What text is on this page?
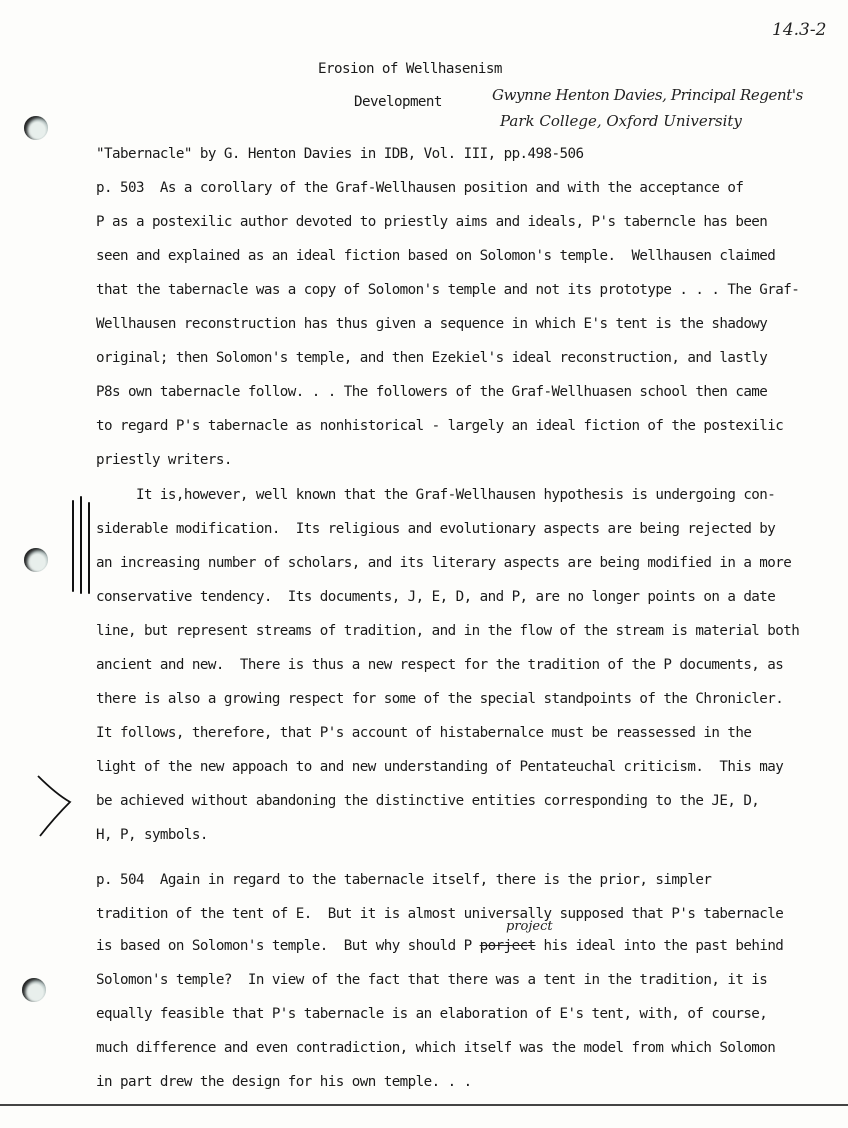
14.3-2
Erosion of Wellhasenism
Development	Gwynne Henton Davies, Principal Regent's
Park College, Oxford University
"Tabernacle" by G. Henton Davies in IDB, Vol. III, pp.498-506
p. 503  As a corollary of the Graf-Wellhausen position and with the acceptance of
P as a postexilic author devoted to priestly aims and ideals, P's taberncle has been
seen and explained as an ideal fiction based on Solomon's temple.  Wellhausen claimed
that the tabernacle was a copy of Solomon's temple and not its prototype . . . The Graf-
Wellhausen reconstruction has thus given a sequence in which E's tent is the shadowy
original; then Solomon's temple, and then Ezekiel's ideal reconstruction, and lastly
P8s own tabernacle follow. . . The followers of the Graf-Wellhuasen school then came
to regard P's tabernacle as nonhistorical - largely an ideal fiction of the postexilic
priestly writers.
It is,however, well known that the Graf-Wellhausen hypothesis is undergoing con-
siderable modification.  Its religious and evolutionary aspects are being rejected by
an increasing number of scholars, and its literary aspects are being modified in a more
conservative tendency.  Its documents, J, E, D, and P, are no longer points on a date
line, but represent streams of tradition, and in the flow of the stream is material both
ancient and new.  There is thus a new respect for the tradition of the P documents, as
there is also a growing respect for some of the special standpoints of the Chronicler.
It follows, therefore, that P's account of histabernalce must be reassessed in the
light of the new appoach to and new understanding of Pentateuchal criticism.  This may
be achieved without abandoning the distinctive entities corresponding to the JE, D,
H, P, symbols.
p. 504  Again in regard to the tabernacle itself, there is the prior, simpler
tradition of the tent of E.  But it is almost universally supposed that P's tabernacle
is based on Solomon's temple.  But why should P porject his ideal into the past behind
project
Solomon's temple?  In view of the fact that there was a tent in the tradition, it is
equally feasible that P's tabernacle is an elaboration of E's tent, with, of course,
much difference and even contradiction, which itself was the model from which Solomon
in part drew the design for his own temple. . .
